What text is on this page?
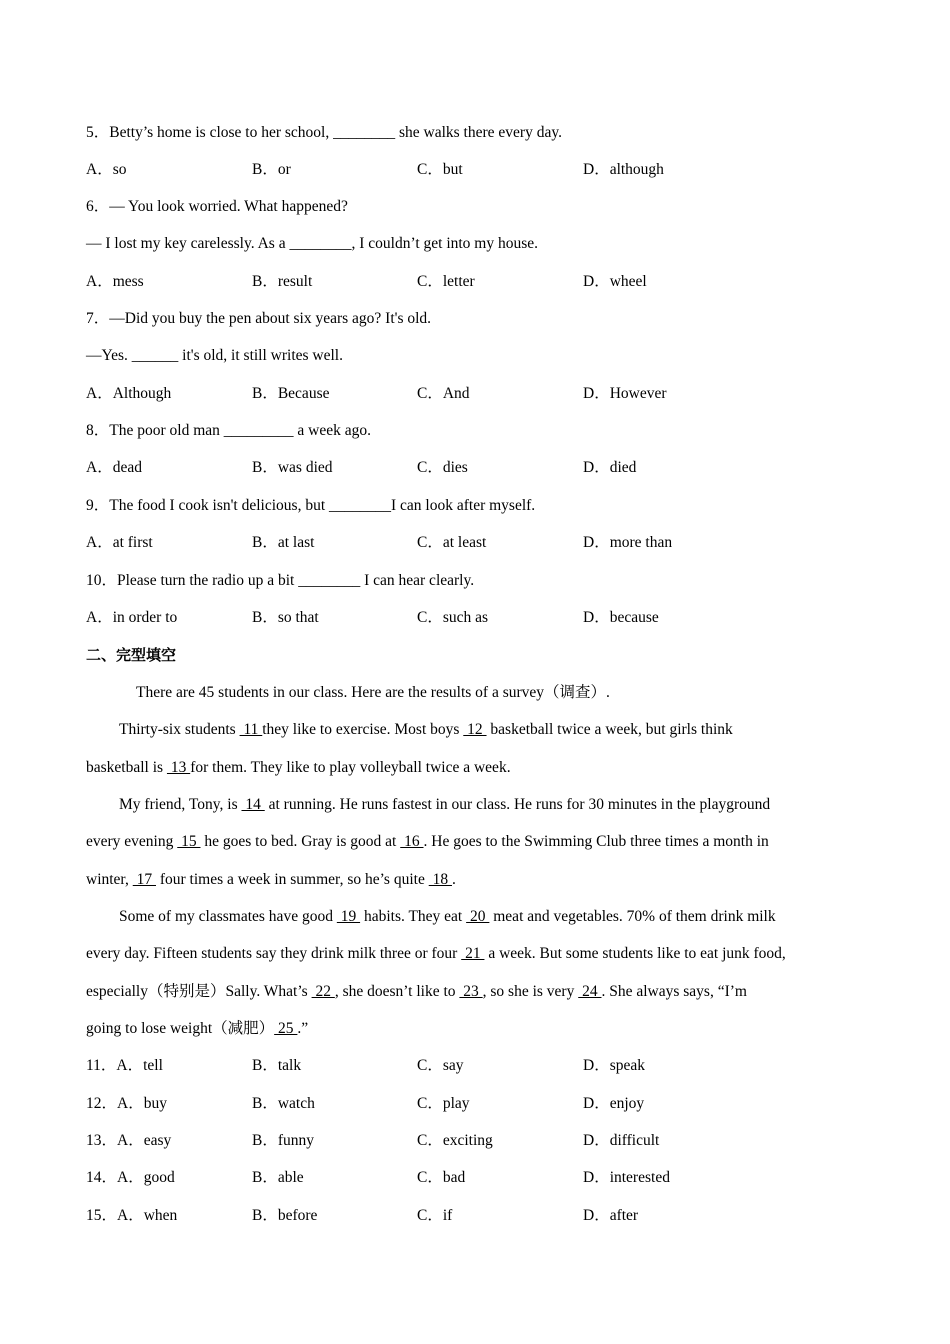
5．Betty’s home is close to her school, ________ she walks there every day.
A．so	B．or	C．but	D．although
6．— You look worried. What happened?
— I lost my key carelessly. As a ________, I couldn’t get into my house.
A．mess	B．result	C．letter	D．wheel
7．—Did you buy the pen about six years ago? It's old.
—Yes. ______ it's old, it still writes well.
A．Although	B．Because	C．And	D．However
8．The poor old man _________ a week ago.
A．dead	B．was died	C．dies	D．died
9．The food I cook isn't delicious, but ________I can look after myself.
A．at first	B．at last	C．at least	D．more than
10．Please turn the radio up a bit ________ I can hear clearly.
A．in order to	B．so that	C．such as	D．because
二、完型填空
There are 45 students in our class. Here are the results of a survey（调查）.
Thirty-six students  11 they like to exercise. Most boys  12  basketball twice a week, but girls think
basketball is  13 for them. They like to play volleyball twice a week.
My friend, Tony, is  14  at running. He runs fastest in our class. He runs for 30 minutes in the playground
every evening  15  he goes to bed. Gray is good at  16 . He goes to the Swimming Club three times a month in
winter,  17  four times a week in summer, so he’s quite  18 .
Some of my classmates have good  19  habits. They eat  20  meat and vegetables. 70% of them drink milk
every day. Fifteen students say they drink milk three or four  21  a week. But some students like to eat junk food,
especially（特别是）Sally. What’s  22 , she doesn’t like to  23 , so she is very  24 . She always says, “I’m
going to lose weight（减肥） 25 .”
11．A．tell	B．talk	C．say	D．speak
12．A．buy	B．watch	C．play	D．enjoy
13．A．easy	B．funny	C．exciting	D．difficult
14．A．good	B．able	C．bad	D．interested
15．A．when	B．before	C．if	D．after
